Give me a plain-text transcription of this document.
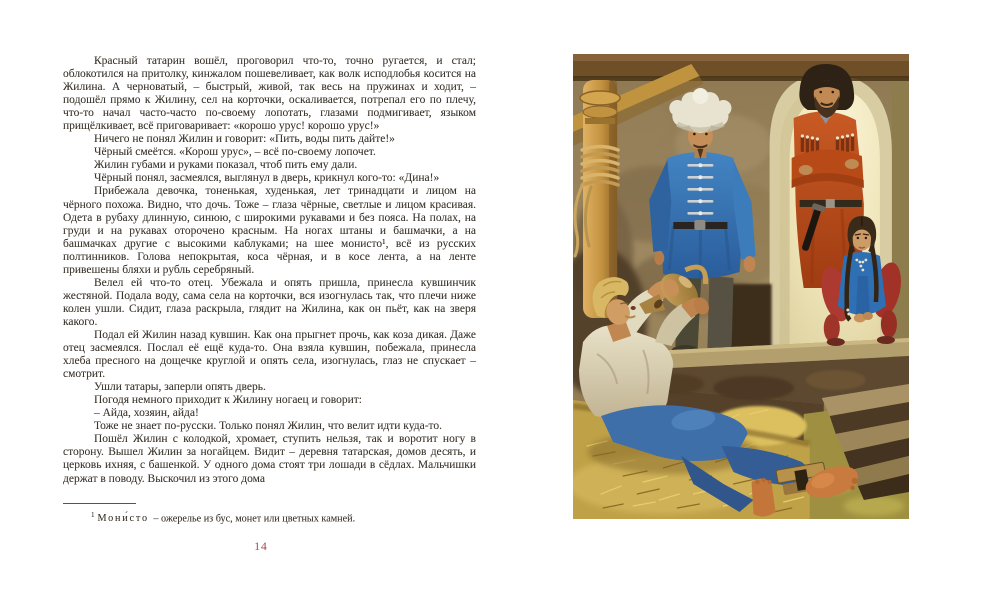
Красный татарин вошёл, проговорил что-то, точно ругается, и стал; облокотился на притолку, кинжалом пошевеливает, как волк исподлобья косится на Жилина. А черноватый, – быстрый, живой, так весь на пружинах и ходит, – подошёл прямо к Жилину, сел на корточки, оскаливается, потрепал его по плечу, что-то начал часто-часто по-своему лопотать, глазами подмигивает, языком прищёлкивает, всё приговаривает: «корошо урус! корошо урус!»

Ничего не понял Жилин и говорит: «Пить, воды пить дайте!»

Чёрный смеётся. «Корош урус», – всё по-своему лопочет.

Жилин губами и руками показал, чтоб пить ему дали.

Чёрный понял, засмеялся, выглянул в дверь, крикнул кого-то: «Дина!»

Прибежала девочка, тоненькая, худенькая, лет тринадцати и лицом на чёрного похожа. Видно, что дочь. Тоже – глаза чёрные, светлые и лицом красивая. Одета в рубаху длинную, синюю, с широкими рукавами и без пояса. На полах, на груди и на рукавах оторочено красным. На ногах штаны и башмачки, а на башмачках другие с высокими каблуками; на шее монисто¹, всё из русских полтинников. Голова непокрытая, коса чёрная, и в косе лента, а на ленте привешены бляхи и рубль серебряный.

Велел ей что-то отец. Убежала и опять пришла, принесла кувшинчик жестяной. Подала воду, сама села на корточки, вся изогнулась так, что плечи ниже колен ушли. Сидит, глаза раскрыла, глядит на Жилина, как он пьёт, как на зверя какого.

Подал ей Жилин назад кувшин. Как она прыгнет прочь, как коза дикая. Даже отец засмеялся. Послал её ещё куда-то. Она взяла кувшин, побежала, принесла хлеба пресного на дощечке круглой и опять села, изогнулась, глаз не спускает – смотрит.

Ушли татары, заперли опять дверь.

Погодя немного приходит к Жилину ногаец и говорит:

– Айда, хозяин, айда!

Тоже не знает по-русски. Только понял Жилин, что велит идти куда-то.

Пошёл Жилин с колодкой, хромает, ступить нельзя, так и воротит ногу в сторону. Вышел Жилин за ногайцем. Видит – деревня татарская, домов десять, и церковь ихняя, с башенкой. У одного дома стоят три лошади в сёдлах. Мальчишки держат в поводу. Выскочил из этого дома

$^1$ Мони́сто – ожерелье из бус, монет или цветных камней.

14
